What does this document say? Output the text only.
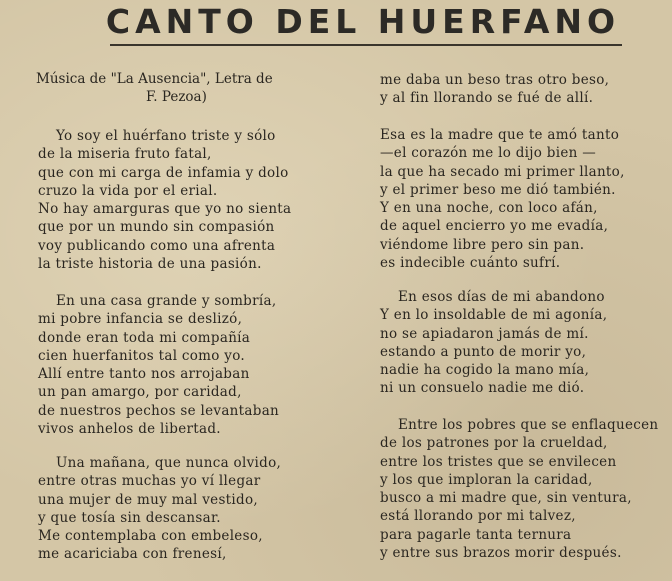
CANTO DEL HUERFANO
Música de "La Ausencia", Letra de
F. Pezoa)
Yo soy el huérfano triste y sólo
de la miseria fruto fatal,
que con mi carga de infamia y dolo
cruzo la vida por el erial.
No hay amarguras que yo no sienta
que por un mundo sin compasión
voy publicando como una afrenta
la triste historia de una pasión.
En una casa grande y sombría,
mi pobre infancia se deslizó,
donde eran toda mi compañía
cien huerfanitos tal como yo.
Allí entre tanto nos arrojaban
un pan amargo, por caridad,
de nuestros pechos se levantaban
vivos anhelos de libertad.
Una mañana, que nunca olvido,
entre otras muchas yo ví llegar
una mujer de muy mal vestido,
y que tosía sin descansar.
Me contemplaba con embeleso,
me acariciaba con frenesí,
me daba un beso tras otro beso,
y al fin llorando se fué de allí.
Esa es la madre que te amó tanto
—el corazón me lo dijo bien —
la que ha secado mi primer llanto,
y el primer beso me dió también.
Y en una noche, con loco afán,
de aquel encierro yo me evadía,
viéndome libre pero sin pan.
es indecible cuánto sufrí.
En esos días de mi abandono
Y en lo insoldable de mi agonía,
no se apiadaron jamás de mí.
estando a punto de morir yo,
nadie ha cogido la mano mía,
ni un consuelo nadie me dió.
Entre los pobres que se enflaquecen
de los patrones por la crueldad,
entre los tristes que se envilecen
y los que imploran la caridad,
busco a mi madre que, sin ventura,
está llorando por mi talvez,
para pagarle tanta ternura
y entre sus brazos morir después.
